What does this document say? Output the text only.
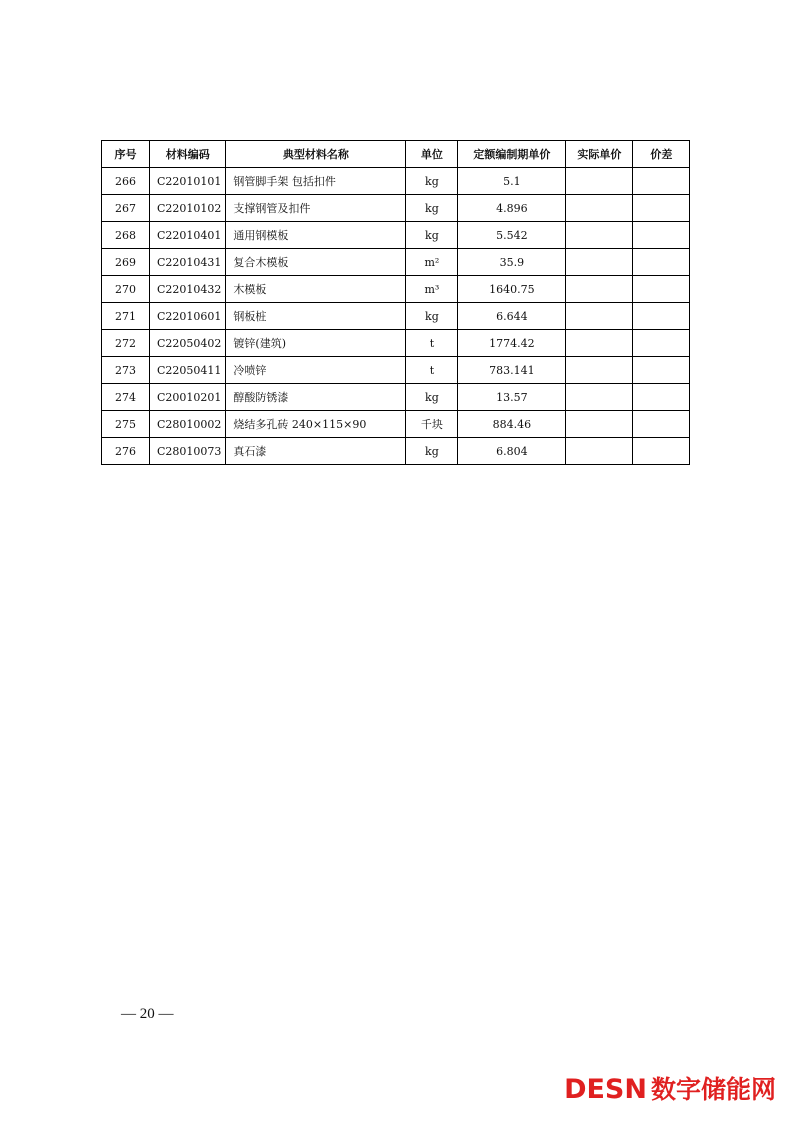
序号	材料编码	典型材料名称	单位	定额编制期单价	实际单价	价差
266	C22010101	钢管脚手架 包括扣件	kg	5.1		
267	C22010102	支撑钢管及扣件	kg	4.896		
268	C22010401	通用钢模板	kg	5.542		
269	C22010431	复合木模板	m²	35.9		
270	C22010432	木模板	m³	1640.75		
271	C22010601	钢板桩	kg	6.644		
272	C22050402	镀锌(建筑)	t	1774.42		
273	C22050411	冷喷锌	t	783.141		
274	C20010201	醇酸防锈漆	kg	13.57		
275	C28010002	烧结多孔砖 240×115×90	千块	884.46		
276	C28010073	真石漆	kg	6.804		
— 20 —
DESN 数字储能网
